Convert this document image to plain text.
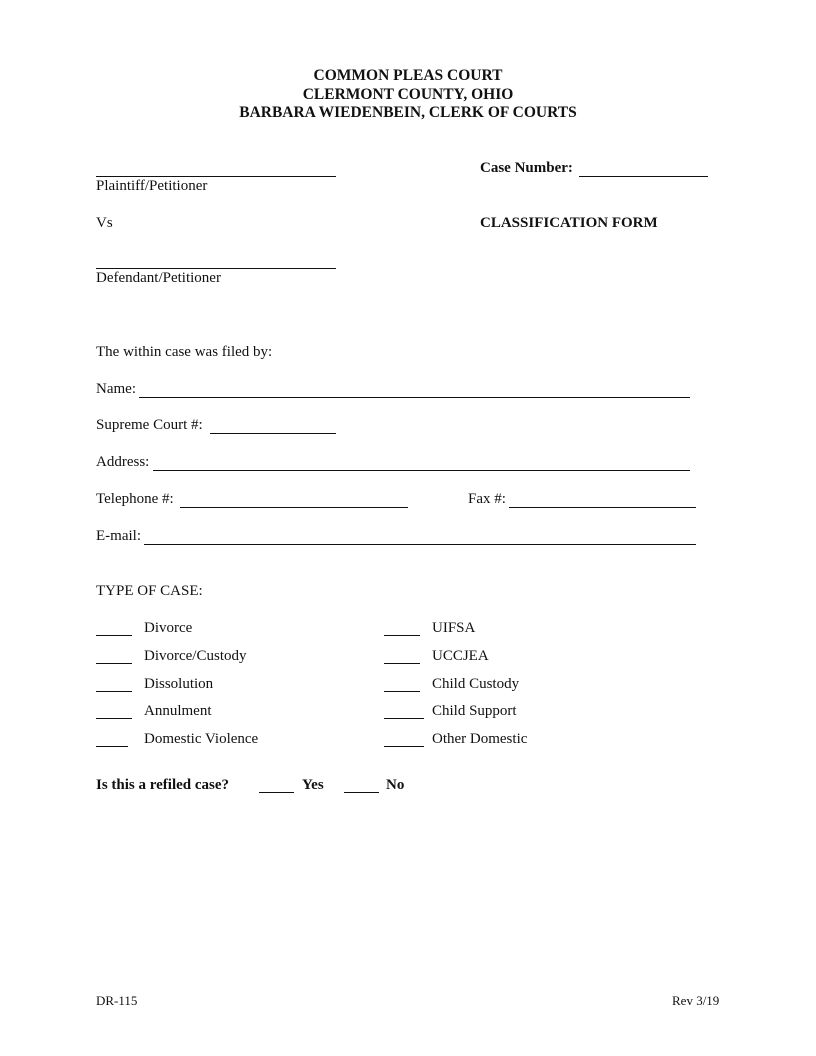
COMMON PLEAS COURT
CLERMONT COUNTY, OHIO
BARBARA WIEDENBEIN, CLERK OF COURTS
Plaintiff/Petitioner
Case Number:
Vs	CLASSIFICATION FORM
Defendant/Petitioner
The within case was filed by:
Name:
Supreme Court #:
Address:
Telephone #:	Fax #:
E-mail:
TYPE OF CASE:
Divorce
Divorce/Custody
Dissolution
Annulment
Domestic Violence
UIFSA
UCCJEA
Child Custody
Child Support
Other Domestic
Is this a refiled case?	Yes	No
DR-115	Rev 3/19
